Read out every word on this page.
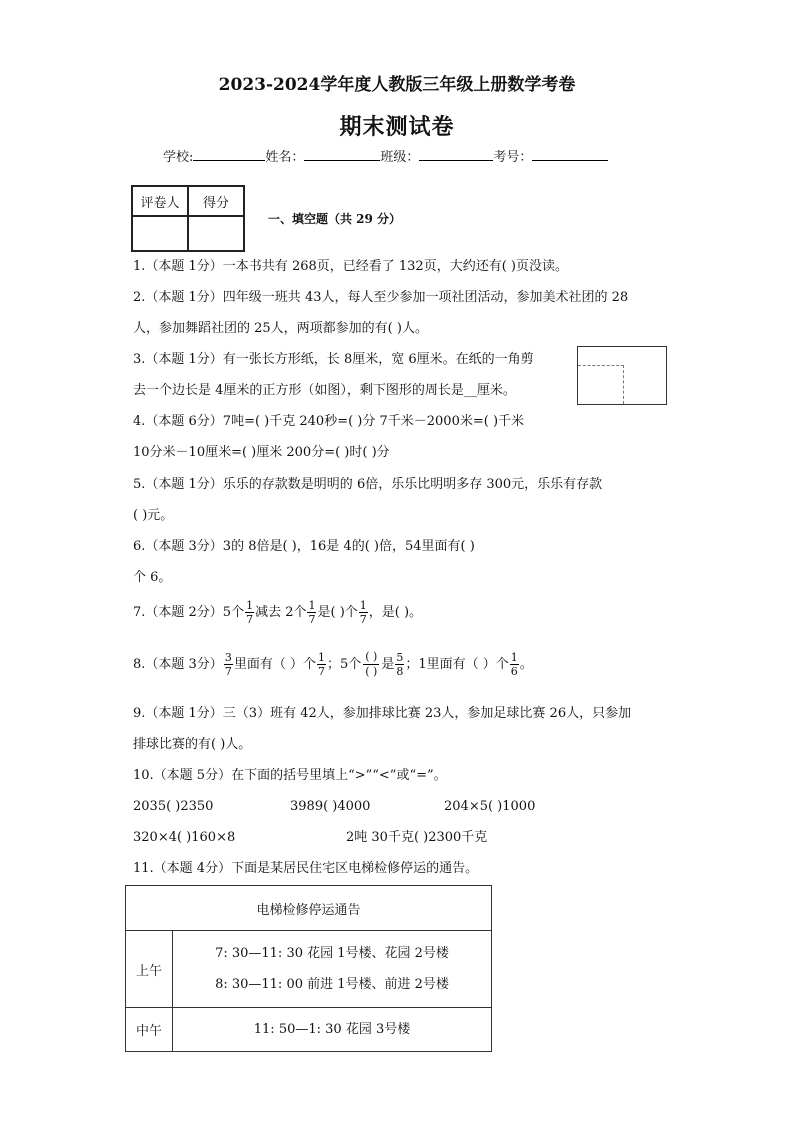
2023-2024学年度人教版三年级上册数学考卷
期末测试卷
学校:	姓名：	班级：	考号：
评卷人	得分

一、填空题（共 29 分）
1.（本题 1分）一本书共有 268页，已经看了 132页，大约还有( )页没读。
2.（本题 1分）四年级一班共 43人，每人至少参加一项社团活动，参加美术社团的 28
人，参加舞蹈社团的 25人，两项都参加的有( )人。
3.（本题 1分）有一张长方形纸，长 8厘米，宽 6厘米。在纸的一角剪
去一个边长是 4厘米的正方形（如图），剩下图形的周长是__厘米。
4.（本题 6分）7吨=( )千克 240秒=( )分 7千米－2000米=( )千米
10分米－10厘米=( )厘米 200分=( )时( )分
5.（本题 1分）乐乐的存款数是明明的 6倍，乐乐比明明多存 300元，乐乐有存款
( )元。
6.（本题 3分）3的 8倍是( )，16是 4的( )倍，54里面有( )
个 6。
7.（本题 2分）5个 $\frac{1}{7}$ 减去 2个 $\frac{1}{7}$ 是( )个 $\frac{1}{7}$ ，是( )。
8.（本题 3分） $\frac{3}{7}$ 里面有（ ）个 $\frac{1}{7}$ ；5个
( )
( ) 是 $\frac{5}{8}$ ；1里面有（ ）个 $\frac{1}{6}$ 。
9.（本题 1分）三（3）班有 42人，参加排球比赛 23人，参加足球比赛 26人，只参加
排球比赛的有( )人。
10.（本题 5分）在下面的括号里填上“>”“<”或“=”。
2035( )2350	3989( )4000	204×5( )1000
320×4( )160×8	2吨 30千克( )2300千克
11.（本题 4分）下面是某居民住宅区电梯检修停运的通告。
电梯检修停运通告	
上午	7: 30—11: 30 花园 1号楼、花园 2号楼
8: 30—11: 00 前进 1号楼、前进 2号楼

中午	11: 50—1: 30 花园 3号楼
